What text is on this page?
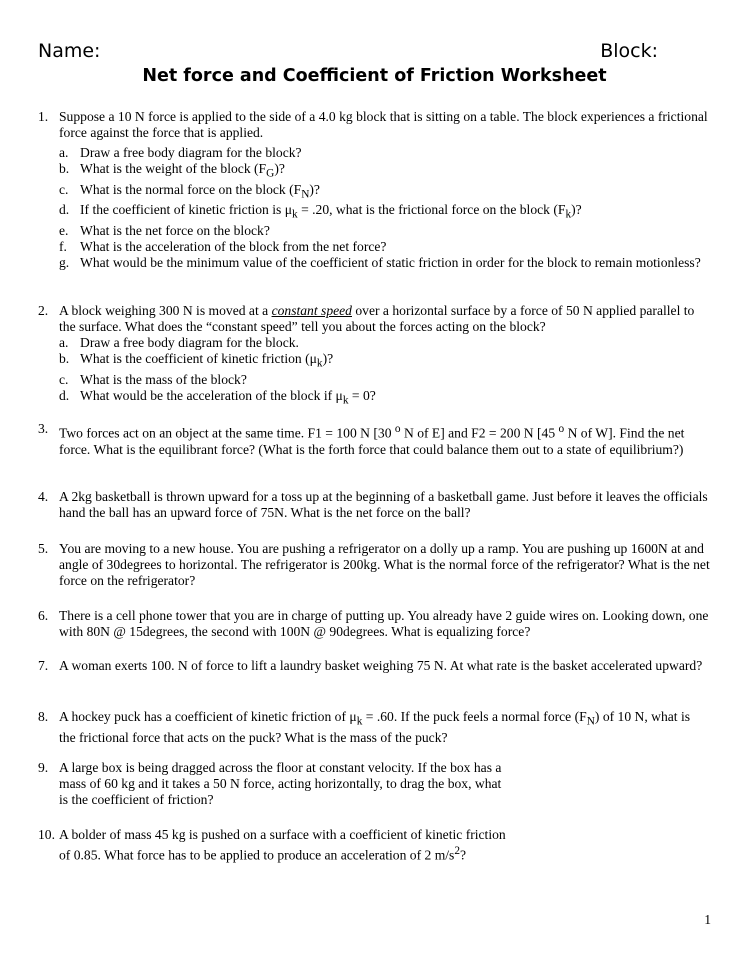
Name:	Block:
Net force and Coefficient of Friction Worksheet
1. Suppose a 10 N force is applied to the side of a 4.0 kg block that is sitting on a table. The block experiences a frictional force against the force that is applied.
a. Draw a free body diagram for the block?
b. What is the weight of the block $(F_G)$?
c. What is the normal force on the block $(F_N)$?
d. If the coefficient of kinetic friction is $\mu_k = .20$, what is the frictional force on the block $(F_k)$?
e. What is the net force on the block?
f. What is the acceleration of the block from the net force?
g. What would be the minimum value of the coefficient of static friction in order for the block to remain motionless?
2. A block weighing 300 N is moved at a constant speed over a horizontal surface by a force of 50 N applied parallel to the surface. What does the “constant speed” tell you about the forces acting on the block?
a. Draw a free body diagram for the block.
b. What is the coefficient of kinetic friction $(\mu_k)$?
c. What is the mass of the block?
d. What would be the acceleration of the block if $\mu_k = 0$?
3. Two forces act on an object at the same time. F1 = 100 N [30 $^o$ N of E] and F2 = 200 N [45 $^o$ N of W]. Find the net force. What is the equilibrant force? (What is the forth force that could balance them out to a state of equilibrium?)
4. A 2kg basketball is thrown upward for a toss up at the beginning of a basketball game. Just before it leaves the officials hand the ball has an upward force of 75N. What is the net force on the ball?
5. You are moving to a new house. You are pushing a refrigerator on a dolly up a ramp. You are pushing up 1600N at and angle of 30degrees to horizontal. The refrigerator is 200kg. What is the normal force of the refrigerator? What is the net force on the refrigerator?
6. There is a cell phone tower that you are in charge of putting up. You already have 2 guide wires on. Looking down, one with 80N @ 15degrees, the second with 100N @ 90degrees. What is equalizing force?
7. A woman exerts 100. N of force to lift a laundry basket weighing 75 N. At what rate is the basket accelerated upward?
8. A hockey puck has a coefficient of kinetic friction of $\mu_k = .60$. If the puck feels a normal force $(F_N)$ of 10 N, what is the frictional force that acts on the puck? What is the mass of the puck?
9. A large box is being dragged across the floor at constant velocity. If the box has a
mass of 60 kg and it takes a 50 N force, acting horizontally, to drag the box, what
is the coefficient of friction?
10. A bolder of mass 45 kg is pushed on a surface with a coefficient of kinetic friction
of 0.85. What force has to be applied to produce an acceleration of 2 $m/s^2$?
1
